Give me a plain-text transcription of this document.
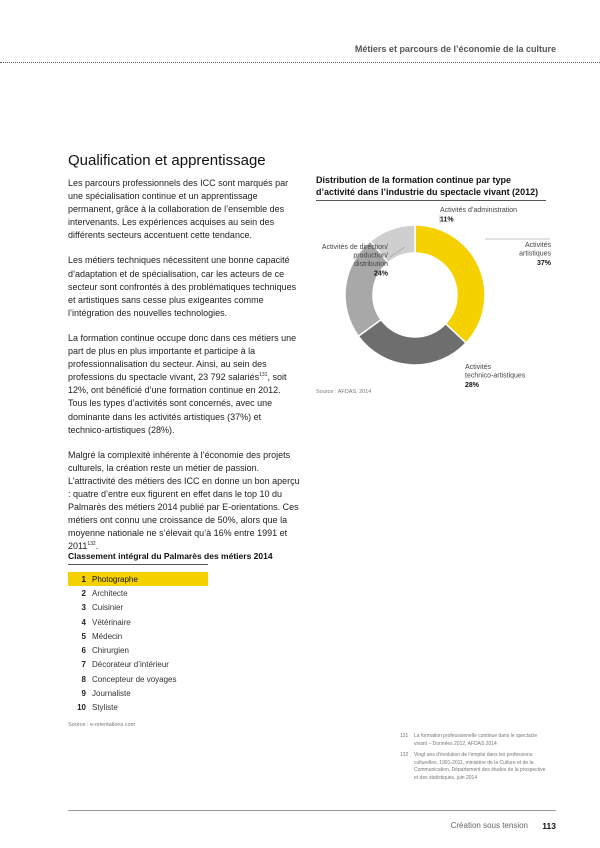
Métiers et parcours de l’économie de la culture
Qualification et apprentissage

Les parcours professionnels des ICC sont marqués par une spécialisation continue et un apprentissage permanent, grâce à la collaboration de l’ensemble des intervenants. Les expériences acquises au sein des différents secteurs accentuent cette tendance.

Les métiers techniques nécessitent une bonne capacité d’adaptation et de spécialisation, car les acteurs de ce secteur sont confrontés à des problématiques techniques et artistiques sans cesse plus exigeantes comme l’intégration des nouvelles technologies.

La formation continue occupe donc dans ces métiers une part de plus en plus importante et participe à la professionnalisation du secteur. Ainsi, au sein des professions du spectacle vivant, 23 792 salariés$^{131}$, soit 12%, ont bénéficié d’une formation continue en 2012. Tous les types d’activités sont concernés, avec une dominante dans les activités artistiques (37%) et technico-artistiques (28%).

Malgré la complexité inhérente à l’économie des projets culturels, la création reste un métier de passion. L’attractivité des métiers des ICC en donne un bon aperçu : quatre d’entre eux figurent en effet dans le top 10 du Palmarès des métiers 2014 publié par E-orientations. Ces métiers ont connu une croissance de 50%, alors que la moyenne nationale ne s’élevait qu’à 16% entre 1991 et 2011$^{132}$.

Distribution de la formation continue par type d’activité dans l’industrie du spectacle vivant (2012)
Activités artistiques 37%
Activités technico-artistiques 28%
Activités de direction/ production/ distribution 24%
Activités d’administration 11%
Source : AFDAS, 2014
Classement intégral du Palmarès des métiers 2014
1	Photographe
2	Architecte
3	Cuisinier
4	Vétérinaire
5	Médecin
6	Chirurgien
7	Décorateur d’intérieur
8	Concepteur de voyages
9	Journaliste
10	Styliste
Source : e-orientations.com
131 La formation professionnelle continue dans le spectacle vivant – Données 2012, AFDAS 2014
132 Vingt ans d’évolution de l’emploi dans les professions culturelles, 1991-2011, ministère de la Culture et de la Communication, Département des études de la prospective et des statistiques, juin 2014
Création sous tension 113
